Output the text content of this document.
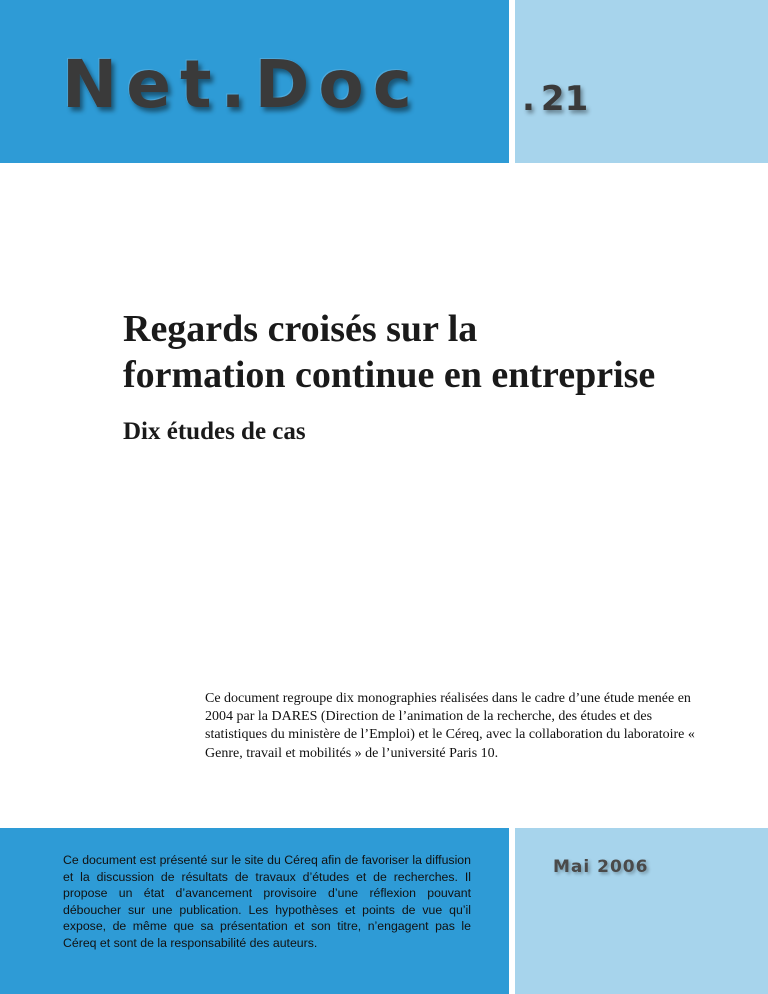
Net.Doc	. 21
Regards croisés sur la
formation continue en entreprise
Dix études de cas

Ce document regroupe dix monographies réalisées dans le cadre d’une étude menée en 2004 par la DARES (Direction de l’animation de la recherche, des études et des statistiques du ministère de l’Emploi) et le Céreq, avec la collaboration du laboratoire « Genre, travail et mobilités » de l’université Paris 10.

Ce document est présenté sur le site du Céreq afin de favoriser la diffusion et la discussion de résultats de travaux d’études et de recherches. Il propose un état d’avancement provisoire d’une réflexion pouvant déboucher sur une publication. Les hypothèses et points de vue qu’il expose, de même que sa présentation et son titre, n’engagent pas le Céreq et sont de la responsabilité des auteurs.

Mai 2006
